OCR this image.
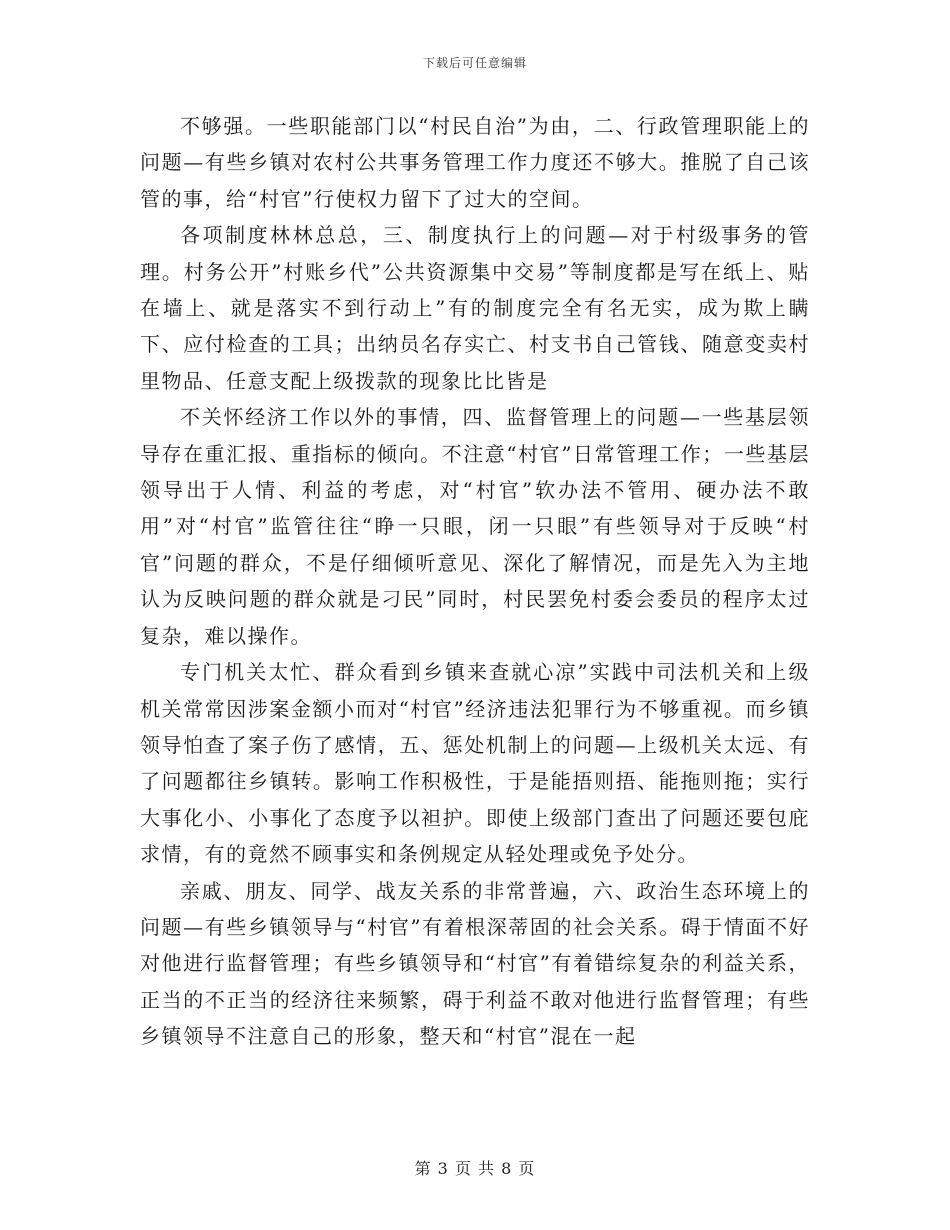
下载后可任意编辑

不够强。一些职能部门以“村民自治”为由，二、行政管理职能上的问题—有些乡镇对农村公共事务管理工作力度还不够大。推脱了自己该管的事，给“村官”行使权力留下了过大的空间。

各项制度林林总总，三、制度执行上的问题—对于村级事务的管理。村务公开”村账乡代”公共资源集中交易”等制度都是写在纸上、贴在墙上、就是落实不到行动上”有的制度完全有名无实，成为欺上瞒下、应付检查的工具；出纳员名存实亡、村支书自己管钱、随意变卖村里物品、任意支配上级拨款的现象比比皆是

不关怀经济工作以外的事情，四、监督管理上的问题—一些基层领导存在重汇报、重指标的倾向。不注意“村官”日常管理工作；一些基层领导出于人情、利益的考虑，对“村官”软办法不管用、硬办法不敢用”对“村官”监管往往“睁一只眼，闭一只眼”有些领导对于反映“村官”问题的群众，不是仔细倾听意见、深化了解情况，而是先入为主地认为反映问题的群众就是刁民”同时，村民罢免村委会委员的程序太过复杂，难以操作。

专门机关太忙、群众看到乡镇来查就心凉”实践中司法机关和上级机关常常因涉案金额小而对“村官”经济违法犯罪行为不够重视。而乡镇领导怕查了案子伤了感情，五、惩处机制上的问题—上级机关太远、有了问题都往乡镇转。影响工作积极性，于是能捂则捂、能拖则拖；实行大事化小、小事化了态度予以袒护。即使上级部门查出了问题还要包庇求情，有的竟然不顾事实和条例规定从轻处理或免予处分。

亲戚、朋友、同学、战友关系的非常普遍，六、政治生态环境上的问题—有些乡镇领导与“村官”有着根深蒂固的社会关系。碍于情面不好对他进行监督管理；有些乡镇领导和“村官”有着错综复杂的利益关系，正当的不正当的经济往来频繁，碍于利益不敢对他进行监督管理；有些乡镇领导不注意自己的形象，整天和“村官”混在一起

第 3 页 共 8 页
